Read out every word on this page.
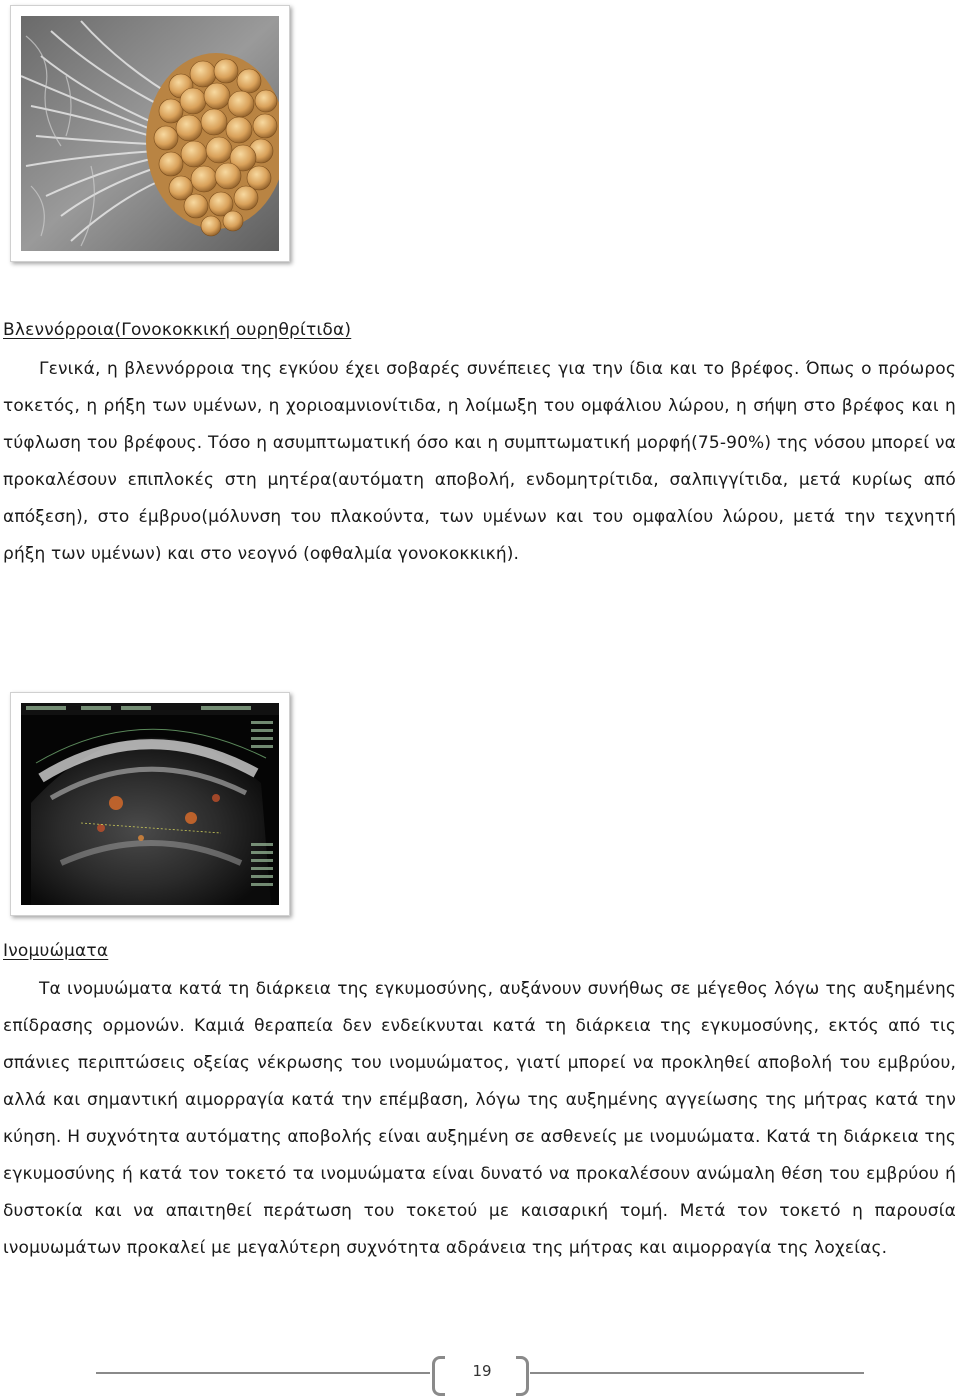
Βλεννόρροια(Γονοκοκκική ουρηθρίτιδα)

Γενικά, η βλεννόρροια της εγκύου έχει σοβαρές συνέπειες για την ίδια και το βρέφος. Όπως ο πρόωρος τοκετός, η ρήξη των υμένων, η χοριοαμνιονίτιδα, η λοίμωξη του ομφάλιου λώρου, η σήψη στο βρέφος και η τύφλωση του βρέφους. Τόσο η ασυμπτωματική όσο και η συμπτωματική μορφή(75-90%) της νόσου μπορεί να προκαλέσουν επιπλοκές στη μητέρα(αυτόματη αποβολή, ενδομητρίτιδα, σαλπιγγίτιδα, μετά κυρίως από απόξεση), στο έμβρυο(μόλυνση του πλακούντα, των υμένων και του ομφαλίου λώρου, μετά την τεχνητή ρήξη των υμένων) και στο νεογνό (οφθαλμία γονοκοκκική).

Ινομυώματα

Τα ινομυώματα κατά τη διάρκεια της εγκυμοσύνης, αυξάνουν συνήθως σε μέγεθος λόγω της αυξημένης επίδρασης ορμονών. Καμιά θεραπεία δεν ενδείκνυται κατά τη διάρκεια της εγκυμοσύνης, εκτός από τις σπάνιες περιπτώσεις οξείας νέκρωσης του ινομυώματος, γιατί μπορεί να προκληθεί αποβολή του εμβρύου, αλλά και σημαντική αιμορραγία κατά την επέμβαση, λόγω της αυξημένης αγγείωσης της μήτρας κατά την κύηση. Η συχνότητα αυτόματης αποβολής είναι αυξημένη σε ασθενείς με ινομυώματα. Κατά τη διάρκεια της εγκυμοσύνης ή κατά τον τοκετό τα ινομυώματα είναι δυνατό να προκαλέσουν ανώμαλη θέση του εμβρύου ή δυστοκία και να απαιτηθεί περάτωση του τοκετού με καισαρική τομή. Μετά τον τοκετό η παρουσία ινομυωμάτων προκαλεί με μεγαλύτερη συχνότητα αδράνεια της μήτρας και αιμορραγία της λοχείας.

19
